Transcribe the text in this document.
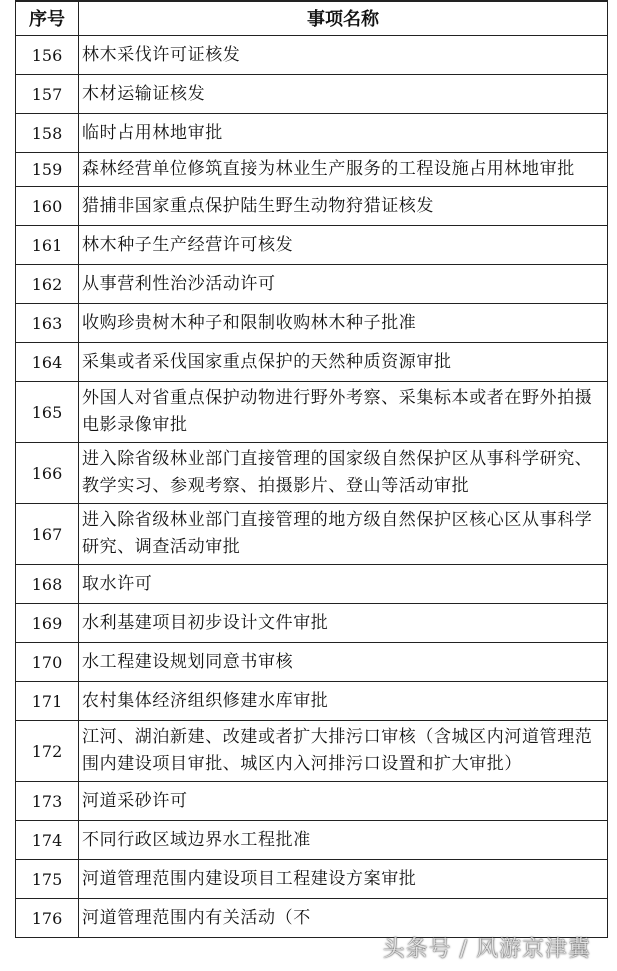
序号	事项名称
156	林木采伐许可证核发
157	木材运输证核发
158	临时占用林地审批
159	森林经营单位修筑直接为林业生产服务的工程设施占用林地审批
160	猎捕非国家重点保护陆生野生动物狩猎证核发
161	林木种子生产经营许可核发
162	从事营利性治沙活动许可
163	收购珍贵树木种子和限制收购林木种子批准
164	采集或者采伐国家重点保护的天然种质资源审批
165	外国人对省重点保护动物进行野外考察、采集标本或者在野外拍摄电影录像审批
166	进入除省级林业部门直接管理的国家级自然保护区从事科学研究、教学实习、参观考察、拍摄影片、登山等活动审批
167	进入除省级林业部门直接管理的地方级自然保护区核心区从事科学研究、调查活动审批
168	取水许可
169	水利基建项目初步设计文件审批
170	水工程建设规划同意书审核
171	农村集体经济组织修建水库审批
172	江河、湖泊新建、改建或者扩大排污口审核（含城区内河道管理范围内建设项目审批、城区内入河排污口设置和扩大审批）
173	河道采砂许可
174	不同行政区域边界水工程批准
175	河道管理范围内建设项目工程建设方案审批
176	河道管理范围内有关活动（不
头条号 / 风游京津冀
